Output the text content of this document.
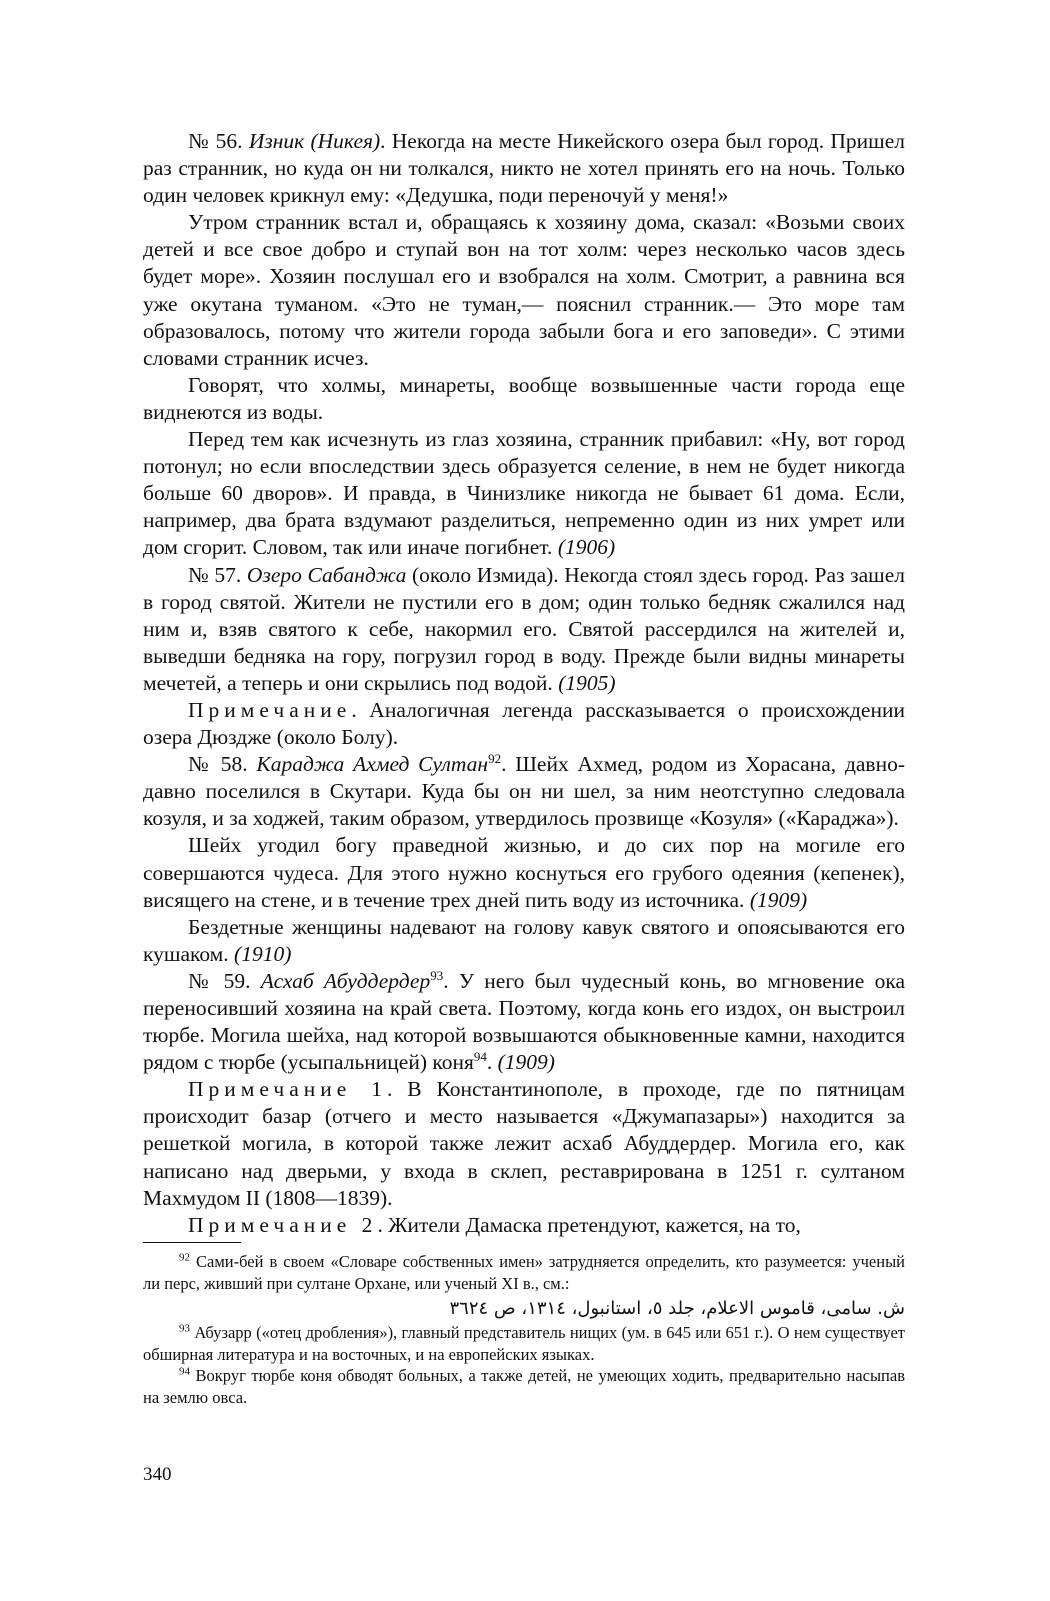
№ 56. Изник (Никея). Некогда на месте Никейского озера был город. Пришел раз странник, но куда он ни толкался, никто не хотел принять его на ночь. Только один человек крикнул ему: «Дедушка, поди переночуй у меня!»

Утром странник встал и, обращаясь к хозяину дома, сказал: «Возьми своих детей и все свое добро и ступай вон на тот холм: через несколько часов здесь будет море». Хозяин послушал его и взобрался на холм. Смотрит, а равнина вся уже окутана туманом. «Это не туман,— пояснил странник.— Это море там образовалось, потому что жители города забыли бога и его заповеди». С этими словами странник исчез.

Говорят, что холмы, минареты, вообще возвышенные части города еще виднеются из воды.

Перед тем как исчезнуть из глаз хозяина, странник прибавил: «Ну, вот город потонул; но если впоследствии здесь образуется селение, в нем не будет никогда больше 60 дворов». И правда, в Чинизлике никогда не бывает 61 дома. Если, например, два брата вздумают разделиться, непременно один из них умрет или дом сгорит. Словом, так или иначе погибнет. (1906)

№ 57. Озеро Сабанджа (около Измида). Некогда стоял здесь город. Раз зашел в город святой. Жители не пустили его в дом; один только бедняк сжалился над ним и, взяв святого к себе, накормил его. Святой рассердился на жителей и, выведши бедняка на гору, погрузил город в воду. Прежде были видны минареты мечетей, а теперь и они скрылись под водой. (1905)

Примечание. Аналогичная легенда рассказывается о происхождении озера Дюздже (около Болу).

№ 58. Караджа Ахмед Султан$^{92}$. Шейх Ахмед, родом из Хорасана, давно-давно поселился в Скутари. Куда бы он ни шел, за ним неотступно следовала козуля, и за ходжей, таким образом, утвердилось прозвище «Козуля» («Караджа»).

Шейх угодил богу праведной жизнью, и до сих пор на могиле его совершаются чудеса. Для этого нужно коснуться его грубого одеяния (кепенек), висящего на стене, и в течение трех дней пить воду из источника. (1909)

Бездетные женщины надевают на голову кавук святого и опоясываются его кушаком. (1910)

№ 59. Асхаб Абуддердер$^{93}$. У него был чудесный конь, во мгновение ока переносивший хозяина на край света. Поэтому, когда конь его издох, он выстроил тюрбе. Могила шейха, над которой возвышаются обыкновенные камни, находится рядом с тюрбе (усыпальницей) коня$^{94}$. (1909)

Примечание 1. В Константинополе, в проходе, где по пятницам происходит базар (отчего и место называется «Джумапазары») находится за решеткой могила, в которой также лежит асхаб Абуддердер. Могила его, как написано над дверьми, у входа в склеп, реставрирована в 1251 г. султаном Махмудом II (1808—1839).

Примечание 2. Жители Дамаска претендуют, кажется, на то,

$^{92}$ Сами-бей в своем «Словаре собственных имен» затрудняется определить, кто разумеется: ученый ли перс, живший при султане Орхане, или ученый XI в., см.:

ش. سامی، قاموس الاعلام، جلد ٥، استانبول، ١٣١٤، ص ٣٦٢٤

$^{93}$ Абузарр («отец дробления»), главный представитель нищих (ум. в 645 или 651 г.). О нем существует обширная литература и на восточных, и на европейских языках.

$^{94}$ Вокруг тюрбе коня обводят больных, а также детей, не умеющих ходить, предварительно насыпав на землю овса.

340
